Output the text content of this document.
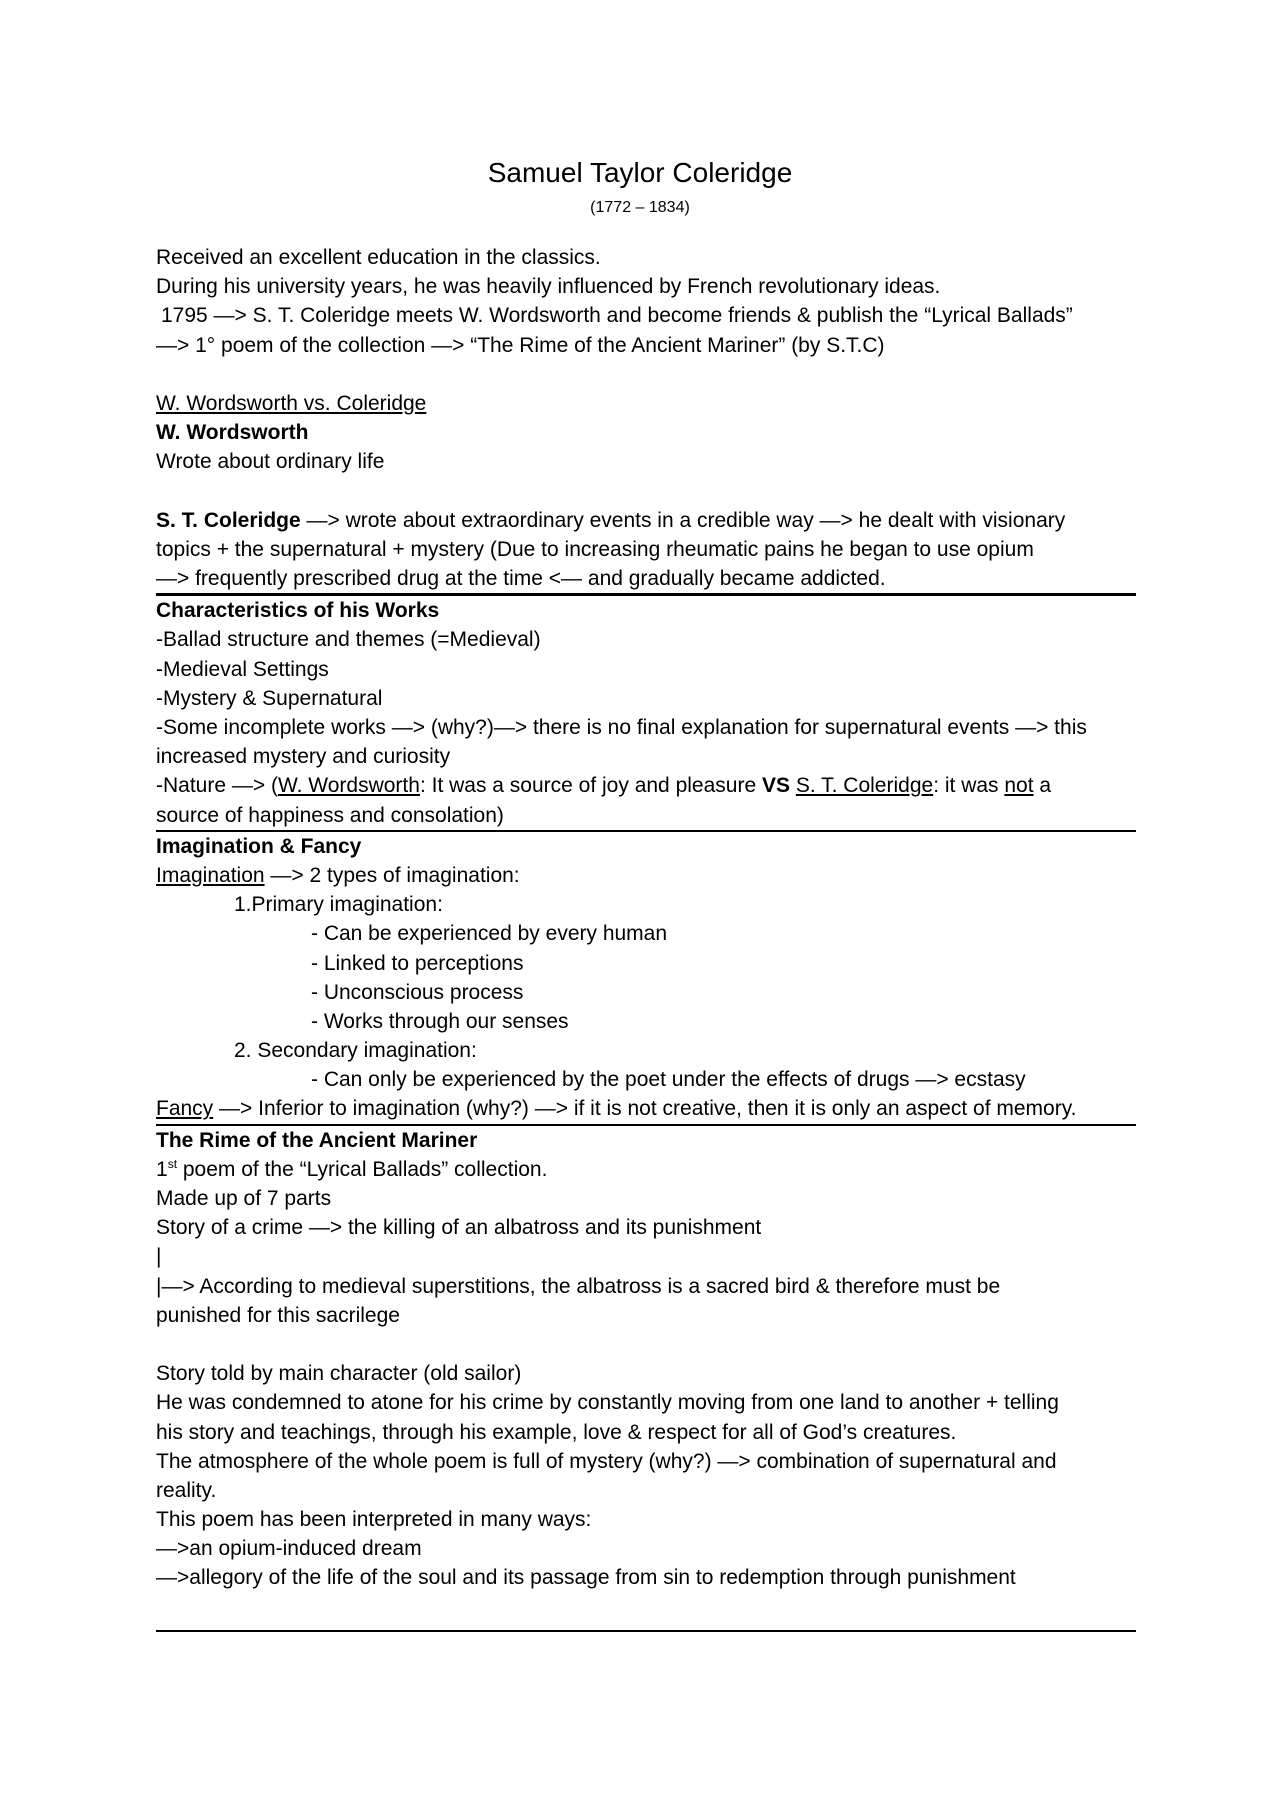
Samuel Taylor Coleridge
(1772 – 1834)
Received an excellent education in the classics.
During his university years, he was heavily influenced by French revolutionary ideas.
1795 —> S. T. Coleridge meets W. Wordsworth and become friends & publish the “Lyrical Ballads”
—> 1° poem of the collection —> “The Rime of the Ancient Mariner” (by S.T.C)
W. Wordsworth vs. Coleridge
W. Wordsworth
Wrote about ordinary life
S. T. Coleridge —> wrote about extraordinary events in a credible way —> he dealt with visionary
topics + the supernatural + mystery (Due to increasing rheumatic pains he began to use opium
—> frequently prescribed drug at the time <— and gradually became addicted.
Characteristics of his Works
-Ballad structure and themes (=Medieval)
-Medieval Settings
-Mystery & Supernatural
-Some incomplete works —> (why?)—> there is no final explanation for supernatural events —> this
increased mystery and curiosity
-Nature —> (W. Wordsworth: It was a source of joy and pleasure VS S. T. Coleridge: it was not a
source of happiness and consolation)
Imagination & Fancy
Imagination —> 2 types of imagination:
1.Primary imagination:
- Can be experienced by every human
- Linked to perceptions
- Unconscious process
- Works through our senses
2. Secondary imagination:
- Can only be experienced by the poet under the effects of drugs —> ecstasy
Fancy —> Inferior to imagination (why?) —> if it is not creative, then it is only an aspect of memory.
The Rime of the Ancient Mariner
1st poem of the “Lyrical Ballads” collection.
Made up of 7 parts
Story of a crime —> the killing of an albatross and its punishment
|
|—> According to medieval superstitions, the albatross is a sacred bird & therefore must be
punished for this sacrilege
Story told by main character (old sailor)
He was condemned to atone for his crime by constantly moving from one land to another + telling
his story and teachings, through his example, love & respect for all of God’s creatures.
The atmosphere of the whole poem is full of mystery (why?) —> combination of supernatural and
reality.
This poem has been interpreted in many ways:
—>an opium-induced dream
—>allegory of the life of the soul and its passage from sin to redemption through punishment
